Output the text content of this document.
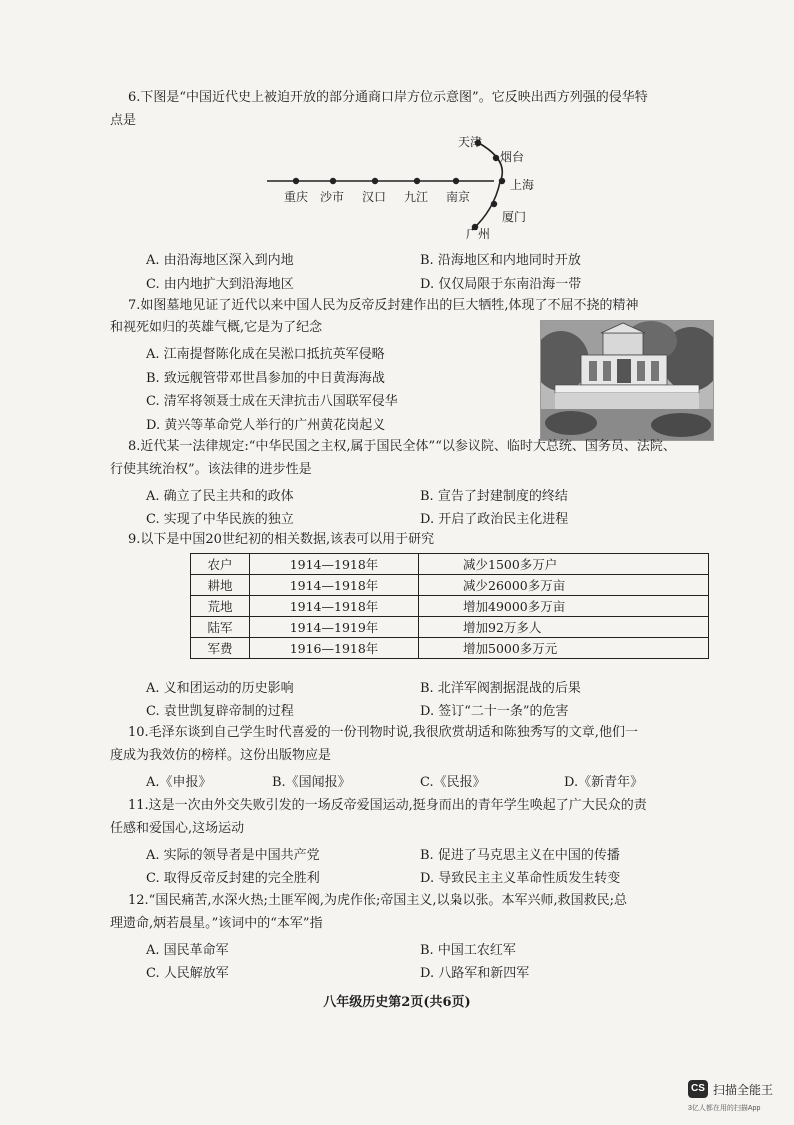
6.下图是“中国近代史上被迫开放的部分通商口岸方位示意图”。它反映出西方列强的侵华特
点是
重庆 沙市 汉口 九江 南京
天津
烟台
上海
厦门
广州
A. 由沿海地区深入到内地	B. 沿海地区和内地同时开放
C. 由内地扩大到沿海地区	D. 仅仅局限于东南沿海一带
7.如图墓地见证了近代以来中国人民为反帝反封建作出的巨大牺牲,体现了不屈不挠的精神
和视死如归的英雄气概,它是为了纪念
A. 江南提督陈化成在吴淞口抵抗英军侵略
B. 致远舰管带邓世昌参加的中日黄海海战
C. 清军将领聂士成在天津抗击八国联军侵华
D. 黄兴等革命党人举行的广州黄花岗起义
8.近代某一法律规定:“中华民国之主权,属于国民全体”“以参议院、临时大总统、国务员、法院、
行使其统治权”。该法律的进步性是
A. 确立了民主共和的政体	B. 宣告了封建制度的终结
C. 实现了中华民族的独立	D. 开启了政治民主化进程
9.以下是中国20世纪初的相关数据,该表可以用于研究
农户	1914—1918年	减少1500多万户
耕地	1914—1918年	减少26000多万亩
荒地	1914—1918年	增加49000多万亩
陆军	1914—1919年	增加92万多人
军费	1916—1918年	增加5000多万元
A. 义和团运动的历史影响	B. 北洋军阀割据混战的后果
C. 袁世凯复辟帝制的过程	D. 签订“二十一条”的危害
10.毛泽东谈到自己学生时代喜爱的一份刊物时说,我很欣赏胡适和陈独秀写的文章,他们一
度成为我效仿的榜样。这份出版物应是
A.《申报》	B.《国闻报》	C.《民报》	D.《新青年》
11.这是一次由外交失败引发的一场反帝爱国运动,挺身而出的青年学生唤起了广大民众的责
任感和爱国心,这场运动
A. 实际的领导者是中国共产党	B. 促进了马克思主义在中国的传播
C. 取得反帝反封建的完全胜利	D. 导致民主主义革命性质发生转变
12.“国民痛苦,水深火热;土匪军阀,为虎作伥;帝国主义,以枭以张。本军兴师,救国救民;总
理遗命,炳若晨星。”该词中的“本军”指
A. 国民革命军	B. 中国工农红军
C. 人民解放军	D. 八路军和新四军
八年级历史第2页(共6页)
CS 扫描全能王
3亿人都在用的扫描App
